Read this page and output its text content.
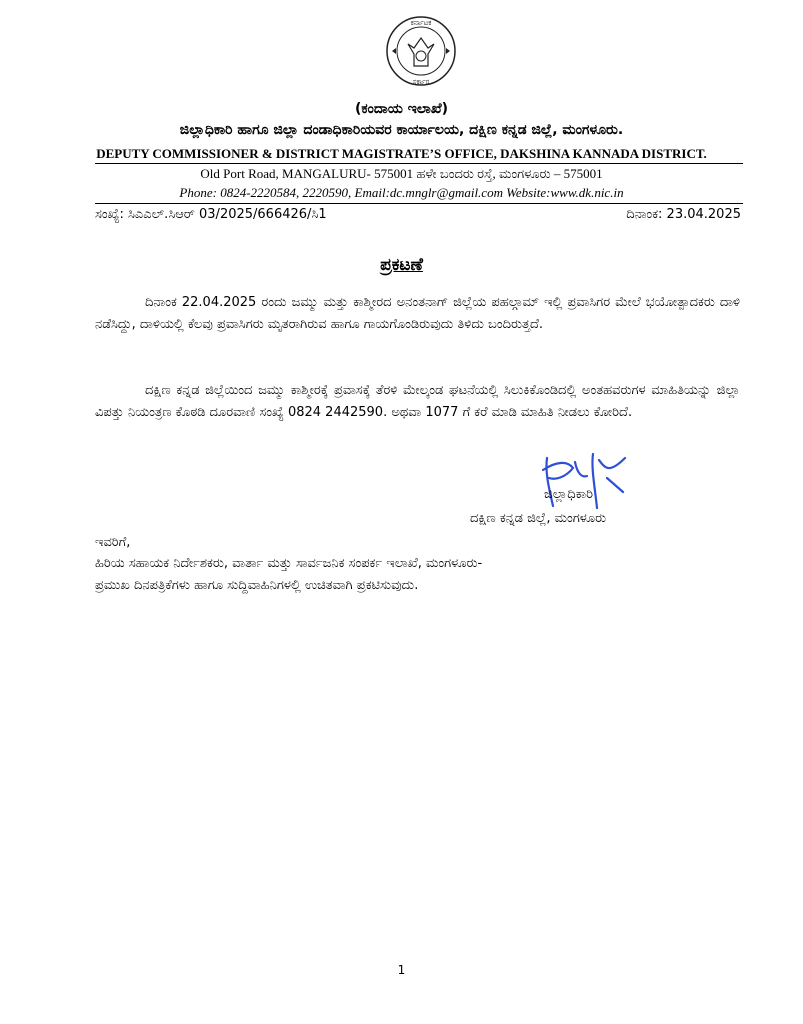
ಕರ್ನಾಟಕ
ಸರ್ಕಾರ
(ಕಂದಾಯ ಇಲಾಖೆ)
ಜಿಲ್ಲಾಧಿಕಾರಿ ಹಾಗೂ ಜಿಲ್ಲಾ ದಂಡಾಧಿಕಾರಿಯವರ ಕಾರ್ಯಾಲಯ, ದಕ್ಷಿಣ ಕನ್ನಡ ಜಿಲ್ಲೆ, ಮಂಗಳೂರು.
DEPUTY COMMISSIONER & DISTRICT MAGISTRATE’S OFFICE, DAKSHINA KANNADA DISTRICT.
Old Port Road, MANGALURU- 575001 ಹಳೇ ಬಂದರು ರಸ್ತೆ, ಮಂಗಳೂರು – 575001
Phone: 0824-2220584, 2220590, Email:dc.mnglr@gmail.com Website:www.dk.nic.in
ಸಂಖ್ಯೆ: ಸಿಎಎಲ್.ಸಿಆರ್ 03/2025/666426/ಸಿ1	ದಿನಾಂಕ: 23.04.2025
ಪ್ರಕಟಣೆ

ದಿನಾಂಕ 22.04.2025 ರಂದು ಜಮ್ಮು ಮತ್ತು ಕಾಶ್ಮೀರದ ಅನಂತನಾಗ್ ಜಿಲ್ಲೆಯ ಪಹಲ್ಗಾಮ್ ಇಲ್ಲಿ ಪ್ರವಾಸಿಗರ ಮೇಲೆ ಭಯೋತ್ಪಾದಕರು ದಾಳಿ ನಡೆಸಿದ್ದು, ದಾಳಿಯಲ್ಲಿ ಕೆಲವು ಪ್ರವಾಸಿಗರು ಮೃತರಾಗಿರುವ ಹಾಗೂ ಗಾಯಗೊಂಡಿರುವುದು ತಿಳಿದು ಬಂದಿರುತ್ತದೆ.

ದಕ್ಷಿಣ ಕನ್ನಡ ಜಿಲ್ಲೆಯಿಂದ ಜಮ್ಮು ಕಾಶ್ಮೀರಕ್ಕೆ ಪ್ರವಾಸಕ್ಕೆ ತೆರಳಿ ಮೇಲ್ಕಂಡ ಘಟನೆಯಲ್ಲಿ ಸಿಲುಕಿಕೊಂಡಿದಲ್ಲಿ ಅಂತಹವರುಗಳ ಮಾಹಿತಿಯನ್ನು ಜಿಲ್ಲಾ ವಿಪತ್ತು ನಿಯಂತ್ರಣ ಕೊಠಡಿ ದೂರವಾಣಿ ಸಂಖ್ಯೆ 0824 2442590. ಅಥವಾ 1077 ಗೆ ಕರೆ ಮಾಡಿ ಮಾಹಿತಿ ನೀಡಲು ಕೋರಿದೆ.

ಜಿಲ್ಲಾಧಿಕಾರಿ
ದಕ್ಷಿಣ ಕನ್ನಡ ಜಿಲ್ಲೆ, ಮಂಗಳೂರು
ಇವರಿಗೆ,
ಹಿರಿಯ ಸಹಾಯಕ ನಿರ್ದೇಶಕರು, ವಾರ್ತಾ ಮತ್ತು ಸಾರ್ವಜನಿಕ ಸಂಪರ್ಕ ಇಲಾಖೆ, ಮಂಗಳೂರು-
ಪ್ರಮುಖ ದಿನಪತ್ರಿಕೆಗಳು ಹಾಗೂ ಸುದ್ದಿವಾಹಿನಿಗಳಲ್ಲಿ ಉಚಿತವಾಗಿ ಪ್ರಕಟಿಸುವುದು.
1
